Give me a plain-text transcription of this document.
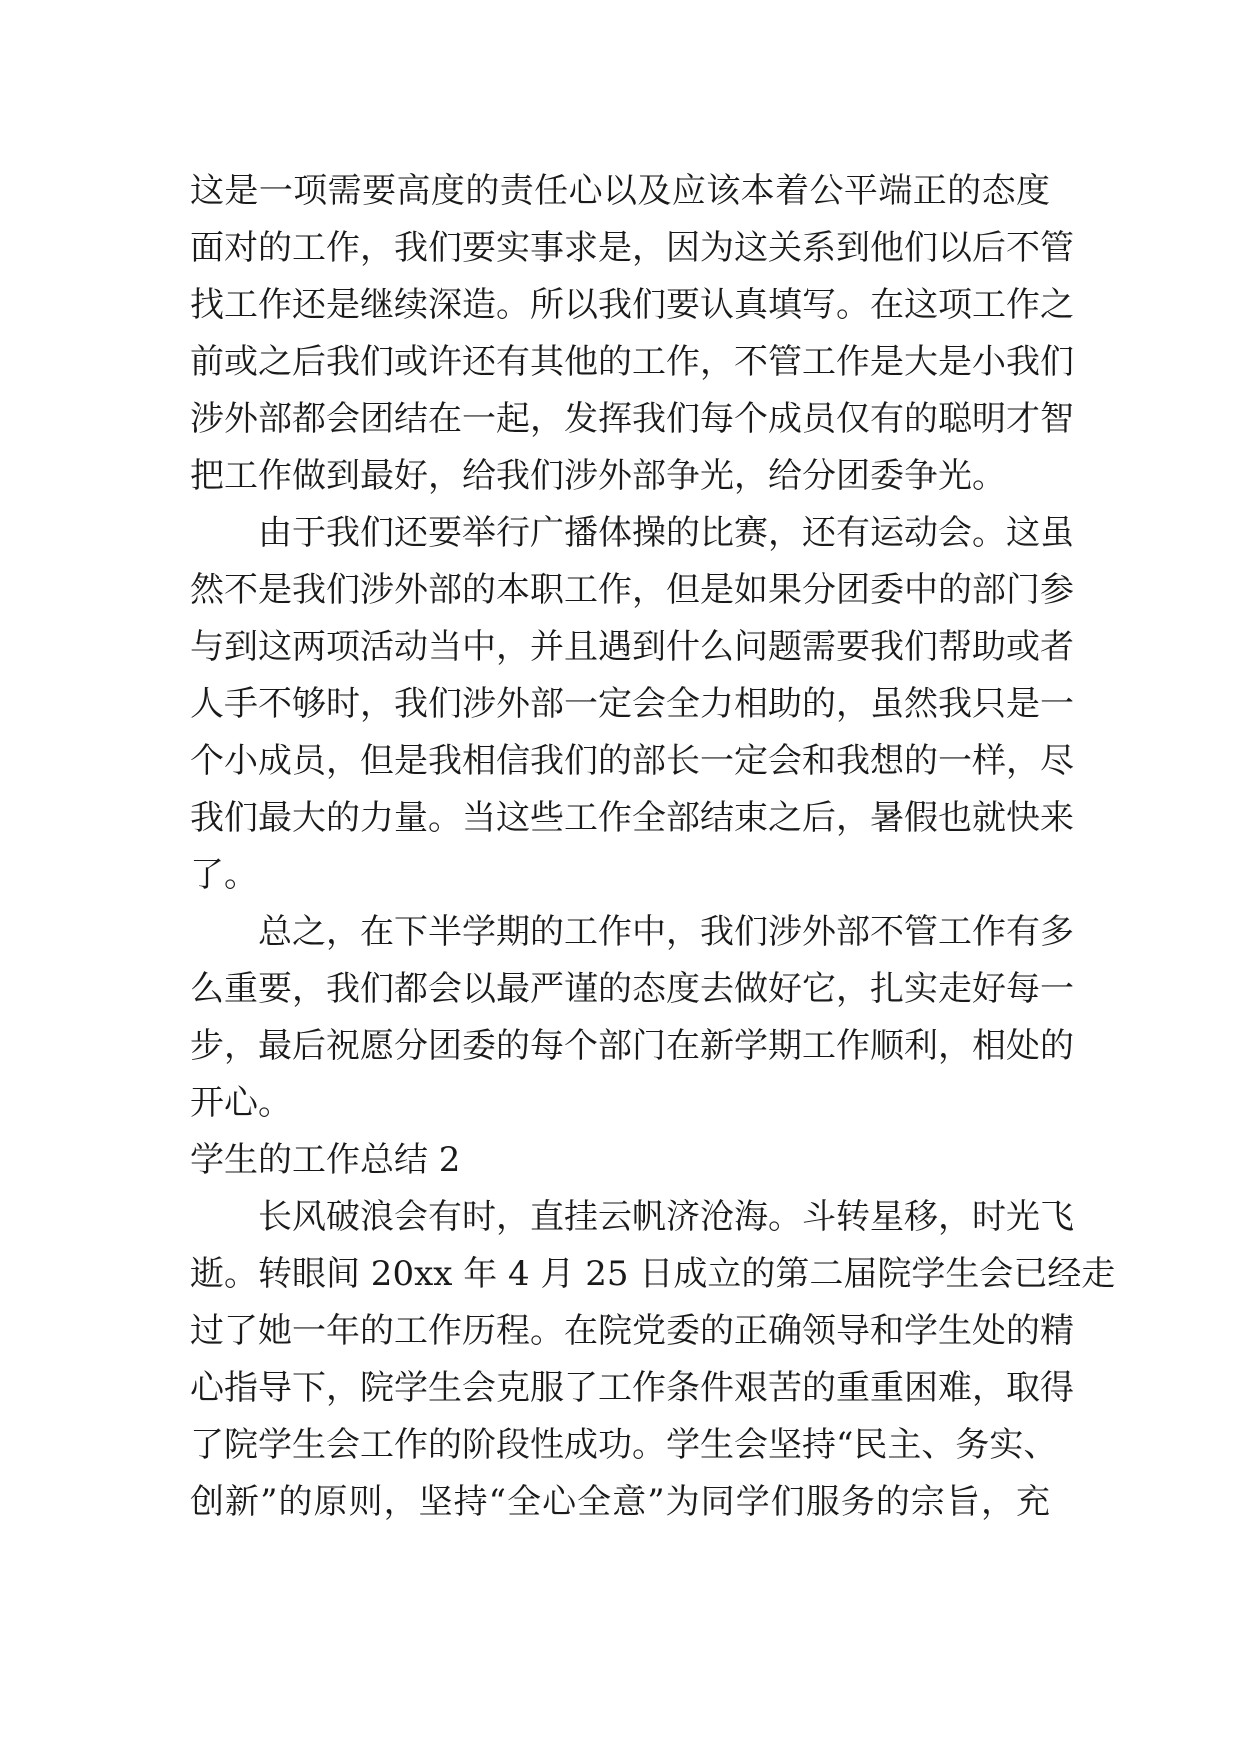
这是一项需要高度的责任心以及应该本着公平端正的态度
面对的工作，我们要实事求是，因为这关系到他们以后不管
找工作还是继续深造。所以我们要认真填写。在这项工作之
前或之后我们或许还有其他的工作，不管工作是大是小我们
涉外部都会团结在一起，发挥我们每个成员仅有的聪明才智
把工作做到最好，给我们涉外部争光，给分团委争光。
由于我们还要举行广播体操的比赛，还有运动会。这虽
然不是我们涉外部的本职工作，但是如果分团委中的部门参
与到这两项活动当中，并且遇到什么问题需要我们帮助或者
人手不够时，我们涉外部一定会全力相助的，虽然我只是一
个小成员，但是我相信我们的部长一定会和我想的一样，尽
我们最大的力量。当这些工作全部结束之后，暑假也就快来
了。
总之，在下半学期的工作中，我们涉外部不管工作有多
么重要，我们都会以最严谨的态度去做好它，扎实走好每一
步，最后祝愿分团委的每个部门在新学期工作顺利，相处的
开心。
学生的工作总结 2
长风破浪会有时，直挂云帆济沧海。斗转星移，时光飞
逝。转眼间 20xx 年 4 月 25 日成立的第二届院学生会已经走
过了她一年的工作历程。在院党委的正确领导和学生处的精
心指导下，院学生会克服了工作条件艰苦的重重困难，取得
了院学生会工作的阶段性成功。学生会坚持“民主、务实、
创新”的原则，坚持“全心全意”为同学们服务的宗旨，充
